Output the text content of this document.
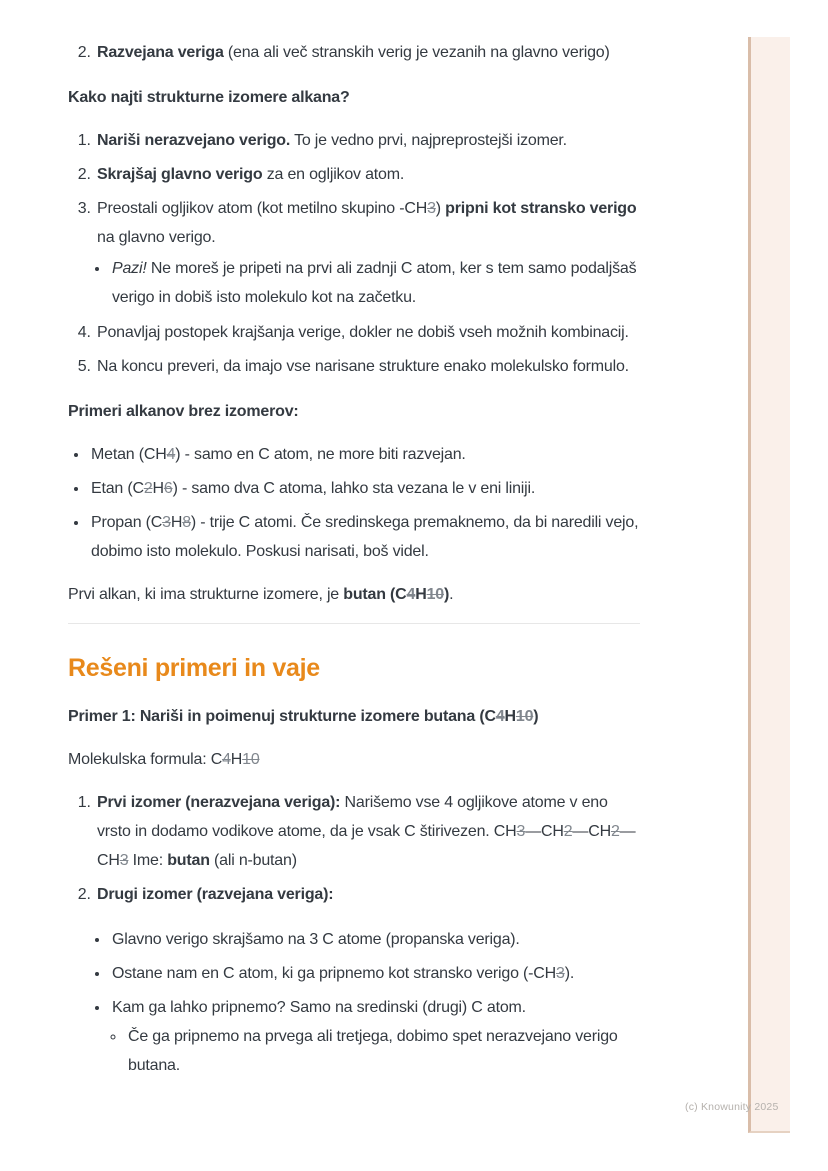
2. Razvejana veriga (ena ali več stranskih verig je vezanih na glavno verigo)
Kako najti strukturne izomere alkana?
1. Nariši nerazvejano verigo. To je vedno prvi, najpreprostejši izomer.
2. Skrajšaj glavno verigo za en ogljikov atom.
3. Preostali ogljikov atom (kot metilno skupino -CH3) pripni kot stransko verigo na glavno verigo.
• Pazi! Ne moreš je pripeti na prvi ali zadnji C atom, ker s tem samo podaljšaš verigo in dobiš isto molekulo kot na začetku.
4. Ponavljaj postopek krajšanja verige, dokler ne dobiš vseh možnih kombinacij.
5. Na koncu preveri, da imajo vse narisane strukture enako molekulsko formulo.
Primeri alkanov brez izomerov:
• Metan (CH4) - samo en C atom, ne more biti razvejan.
• Etan (C2H6) - samo dva C atoma, lahko sta vezana le v eni liniji.
• Propan (C3H8) - trije C atomi. Če sredinskega premaknemo, da bi naredili vejo, dobimo isto molekulo. Poskusi narisati, boš videl.
Prvi alkan, ki ima strukturne izomere, je butan (C4H10).
Rešeni primeri in vaje
Primer 1: Nariši in poimenuj strukturne izomere butana (C4H10)
Molekulska formula: C4H10
1. Prvi izomer (nerazvejana veriga): Narišemo vse 4 ogljikove atome v eno vrsto in dodamo vodikove atome, da je vsak C štirivezen. CH3—CH2—CH2—CH3 Ime: butan (ali n-butan)
2. Drugi izomer (razvejana veriga):
• Glavno verigo skrajšamo na 3 C atome (propanska veriga).
• Ostane nam en C atom, ki ga pripnemo kot stransko verigo (-CH3).
• Kam ga lahko pripnemo? Samo na sredinski (drugi) C atom.
◦ Če ga pripnemo na prvega ali tretjega, dobimo spet nerazvejano verigo butana.
(c) Knowunity 2025
